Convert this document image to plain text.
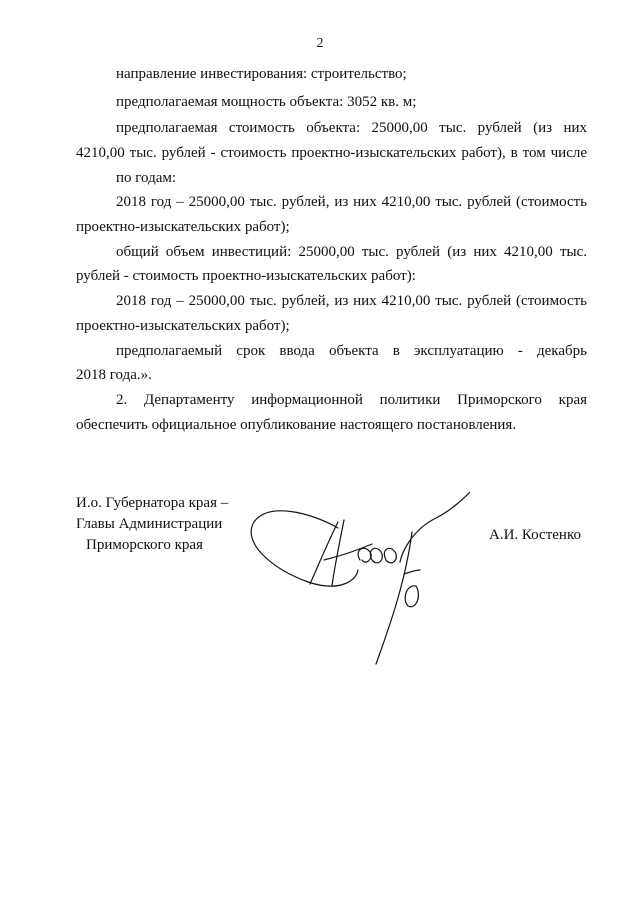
2
направление инвестирования: строительство;
предполагаемая мощность объекта: 3052 кв. м;
предполагаемая стоимость объекта: 25000,00 тыс. рублей (из них
4210,00 тыс. рублей - стоимость проектно-изыскательских работ), в том числе
по годам:
2018 год – 25000,00 тыс. рублей, из них 4210,00 тыс. рублей (стоимость
проектно-изыскательских работ);
общий объем инвестиций: 25000,00 тыс. рублей (из них 4210,00 тыс.
рублей - стоимость проектно-изыскательских работ):
2018 год – 25000,00 тыс. рублей, из них 4210,00 тыс. рублей (стоимость
проектно-изыскательских работ);
предполагаемый срок ввода объекта в эксплуатацию - декабрь
2018 года.».
2. Департаменту информационной политики Приморского края
обеспечить официальное опубликование настоящего постановления.
И.о. Губернатора края –
Главы Администрации
Приморского края
А.И. Костенко
